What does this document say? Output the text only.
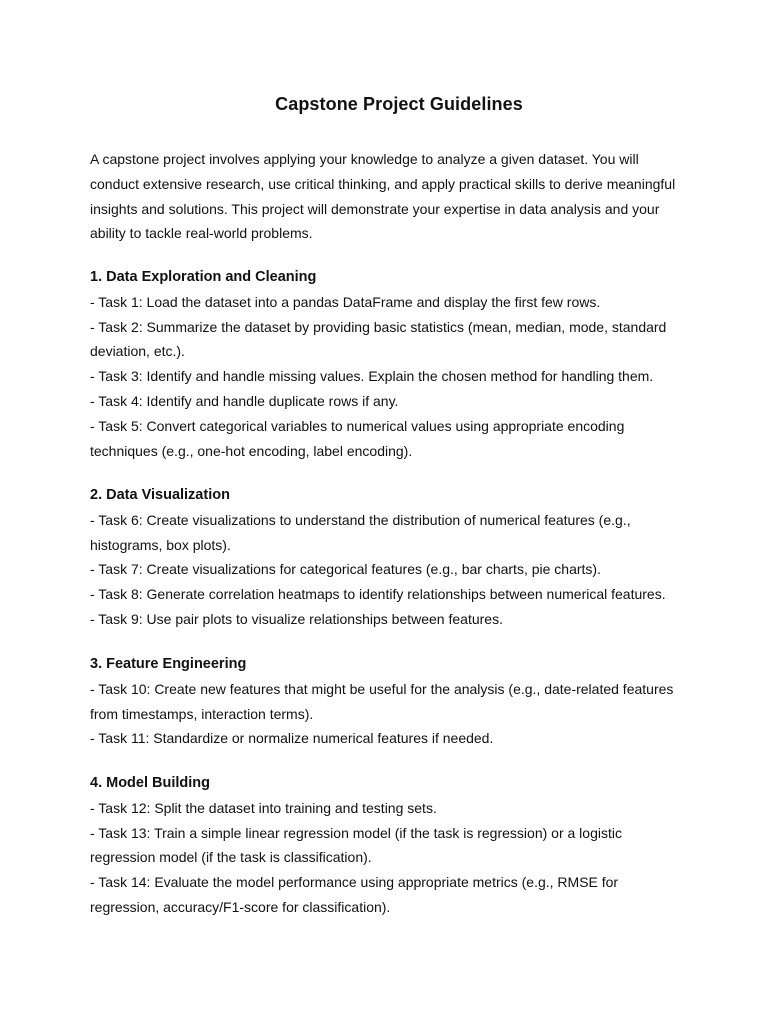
Capstone Project Guidelines

A capstone project involves applying your knowledge to analyze a given dataset. You will conduct extensive research, use critical thinking, and apply practical skills to derive meaningful insights and solutions. This project will demonstrate your expertise in data analysis and your ability to tackle real-world problems.

1. Data Exploration and Cleaning

- Task 1: Load the dataset into a pandas DataFrame and display the first few rows.

- Task 2: Summarize the dataset by providing basic statistics (mean, median, mode, standard deviation, etc.).

- Task 3: Identify and handle missing values. Explain the chosen method for handling them.

- Task 4: Identify and handle duplicate rows if any.

- Task 5: Convert categorical variables to numerical values using appropriate encoding techniques (e.g., one-hot encoding, label encoding).

2. Data Visualization

- Task 6: Create visualizations to understand the distribution of numerical features (e.g., histograms, box plots).

- Task 7: Create visualizations for categorical features (e.g., bar charts, pie charts).

- Task 8: Generate correlation heatmaps to identify relationships between numerical features.

- Task 9: Use pair plots to visualize relationships between features.

3. Feature Engineering

- Task 10: Create new features that might be useful for the analysis (e.g., date-related features from timestamps, interaction terms).

- Task 11: Standardize or normalize numerical features if needed.

4. Model Building

- Task 12: Split the dataset into training and testing sets.

- Task 13: Train a simple linear regression model (if the task is regression) or a logistic regression model (if the task is classification).

- Task 14: Evaluate the model performance using appropriate metrics (e.g., RMSE for regression, accuracy/F1-score for classification).
